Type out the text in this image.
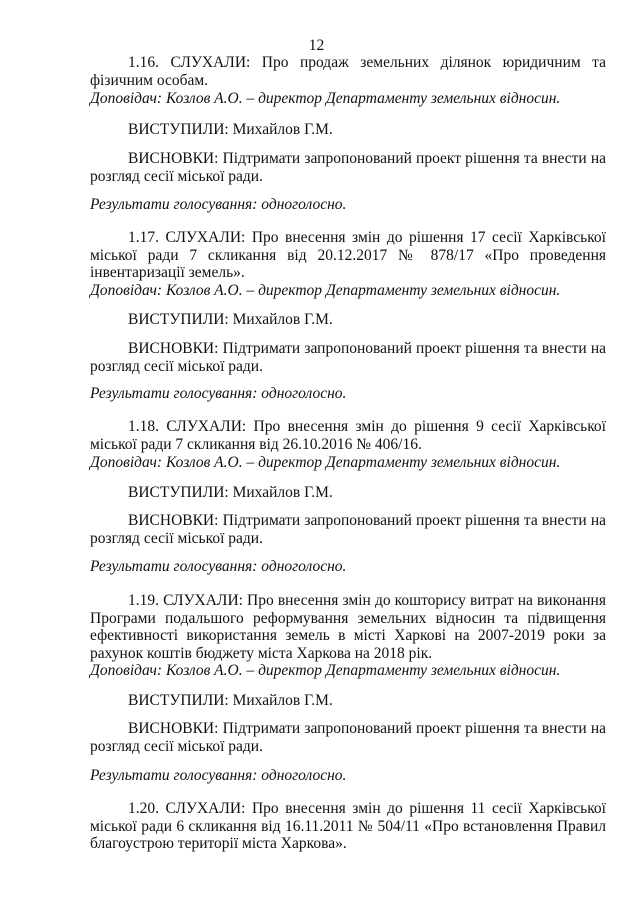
12

1.16. СЛУХАЛИ: Про продаж земельних ділянок юридичним та фізичним особам.

Доповідач: Козлов А.О. – директор Департаменту земельних відносин.

ВИСТУПИЛИ: Михайлов Г.М.

ВИСНОВКИ: Підтримати запропонований проект рішення та внести на розгляд сесії міської ради.

Результати голосування: одноголосно.

1.17. СЛУХАЛИ: Про внесення змін до рішення 17 сесії Харківської міської ради 7 скликання від 20.12.2017 № 878/17 «Про проведення інвентаризації земель».

Доповідач: Козлов А.О. – директор Департаменту земельних відносин.

ВИСТУПИЛИ: Михайлов Г.М.

ВИСНОВКИ: Підтримати запропонований проект рішення та внести на розгляд сесії міської ради.

Результати голосування: одноголосно.

1.18. СЛУХАЛИ: Про внесення змін до рішення 9 сесії Харківської міської ради 7 скликання від 26.10.2016 № 406/16.

Доповідач: Козлов А.О. – директор Департаменту земельних відносин.

ВИСТУПИЛИ: Михайлов Г.М.

ВИСНОВКИ: Підтримати запропонований проект рішення та внести на розгляд сесії міської ради.

Результати голосування: одноголосно.

1.19. СЛУХАЛИ: Про внесення змін до кошторису витрат на виконання Програми подальшого реформування земельних відносин та підвищення ефективності використання земель в місті Харкові на 2007-2019 роки за рахунок коштів бюджету міста Харкова на 2018 рік.

Доповідач: Козлов А.О. – директор Департаменту земельних відносин.

ВИСТУПИЛИ: Михайлов Г.М.

ВИСНОВКИ: Підтримати запропонований проект рішення та внести на розгляд сесії міської ради.

Результати голосування: одноголосно.

1.20. СЛУХАЛИ: Про внесення змін до рішення 11 сесії Харківської міської ради 6 скликання від 16.11.2011 № 504/11 «Про встановлення Правил благоустрою території міста Харкова».
